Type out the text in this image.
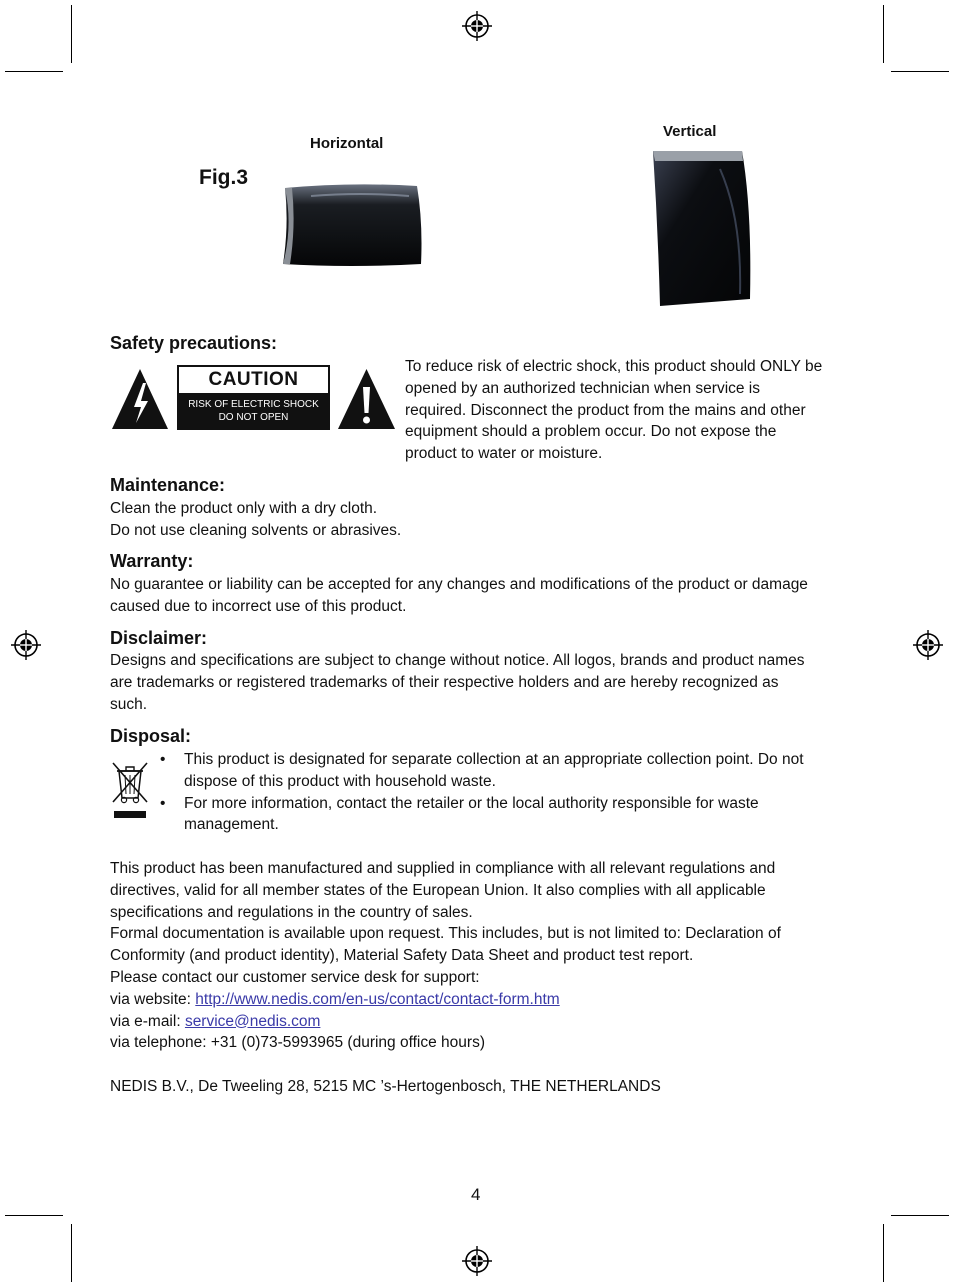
Vertical
Horizontal
Fig.3
Safety precautions:
CAUTION
RISK OF ELECTRIC SHOCK
DO NOT OPEN

To reduce risk of electric shock, this product should ONLY be

opened by an authorized technician when service is

required. Disconnect the product from the mains and other

equipment should a problem occur. Do not expose the

product to water or moisture.

Maintenance:

Clean the product only with a dry cloth.

Do not use cleaning solvents or abrasives.

Warranty:

No guarantee or liability can be accepted for any changes and modifications of the product or damage

caused due to incorrect use of this product.

Disclaimer:

Designs and specifications are subject to change without notice. All logos, brands and product names

are trademarks or registered trademarks of their respective holders and are hereby recognized as

such.

Disposal:
• This product is designated for separate collection at an appropriate collection point. Do not
dispose of this product with household waste.
• For more information, contact the retailer or the local authority responsible for waste
management.

This product has been manufactured and supplied in compliance with all relevant regulations and

directives, valid for all member states of the European Union. It also complies with all applicable

specifications and regulations in the country of sales.

Formal documentation is available upon request. This includes, but is not limited to: Declaration of

Conformity (and product identity), Material Safety Data Sheet and product test report.

Please contact our customer service desk for support:

via website: http://www.nedis.com/en-us/contact/contact-form.htm

via e-mail: service@nedis.com

via telephone: +31 (0)73-5993965 (during office hours)

NEDIS B.V., De Tweeling 28, 5215 MC ’s-Hertogenbosch, THE NETHERLANDS
4
